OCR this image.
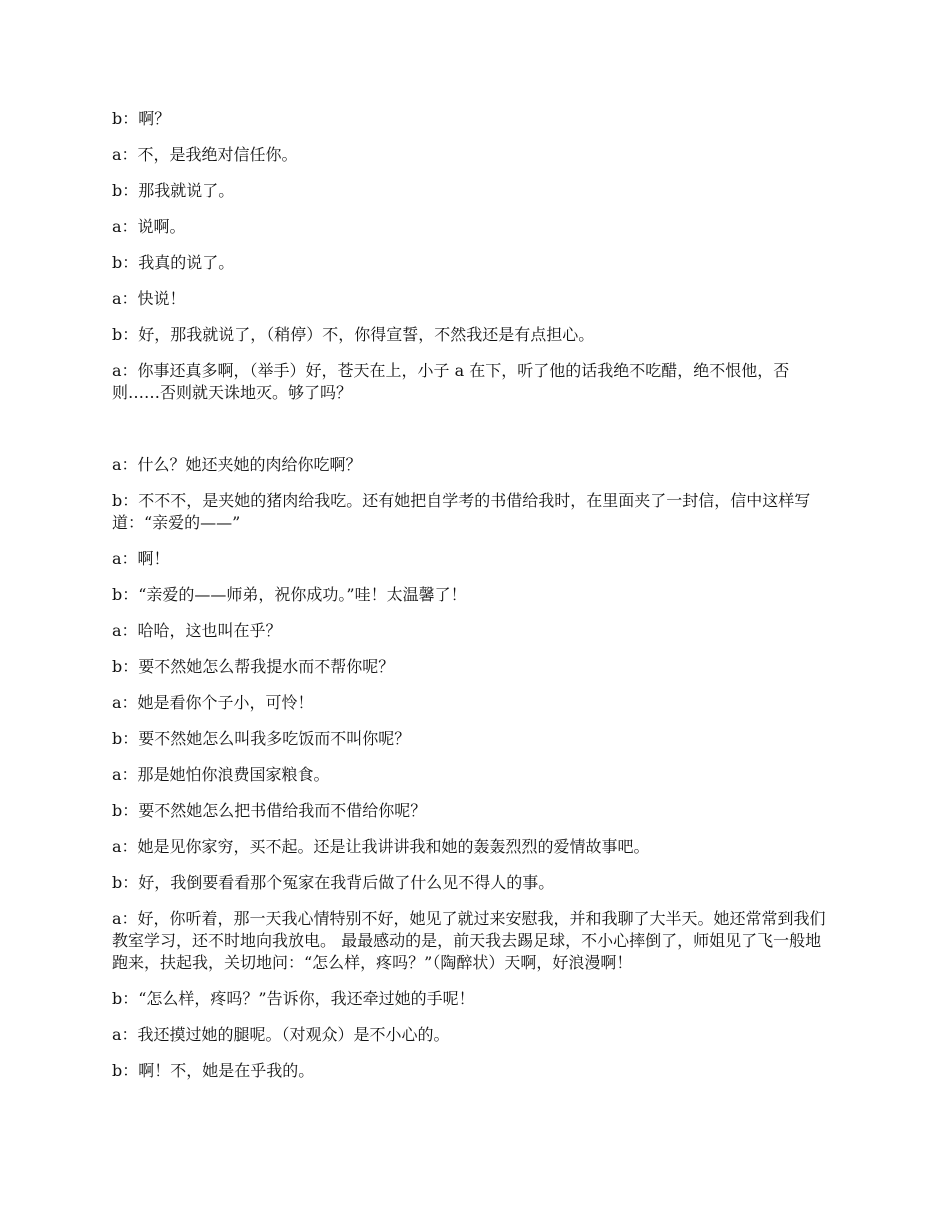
b：啊？

a：不，是我绝对信任你。

b：那我就说了。

a：说啊。

b：我真的说了。

a：快说！

b：好，那我就说了，（稍停）不，你得宣誓，不然我还是有点担心。

a：你事还真多啊，（举手）好，苍天在上，小子 a 在下，听了他的话我绝不吃醋，绝不恨他，否则……否则就天诛地灭。够了吗？

a：什么？她还夹她的肉给你吃啊？

b：不不不，是夹她的猪肉给我吃。还有她把自学考的书借给我时，在里面夹了一封信，信中这样写道：“亲爱的——”

a：啊！

b：“亲爱的——师弟，祝你成功。”哇！太温馨了！

a：哈哈，这也叫在乎？

b：要不然她怎么帮我提水而不帮你呢？

a：她是看你个子小，可怜！

b：要不然她怎么叫我多吃饭而不叫你呢？

a：那是她怕你浪费国家粮食。

b：要不然她怎么把书借给我而不借给你呢？

a：她是见你家穷，买不起。还是让我讲讲我和她的轰轰烈烈的爱情故事吧。

b：好，我倒要看看那个冤家在我背后做了什么见不得人的事。

a：好，你听着，那一天我心情特别不好，她见了就过来安慰我，并和我聊了大半天。她还常常到我们教室学习，还不时地向我放电。 最最感动的是，前天我去踢足球，不小心摔倒了，师姐见了飞一般地跑来，扶起我，关切地问：“怎么样，疼吗？”（陶醉状）天啊，好浪漫啊！

b：“怎么样，疼吗？”告诉你，我还牵过她的手呢！

a：我还摸过她的腿呢。（对观众）是不小心的。

b：啊！不，她是在乎我的。
